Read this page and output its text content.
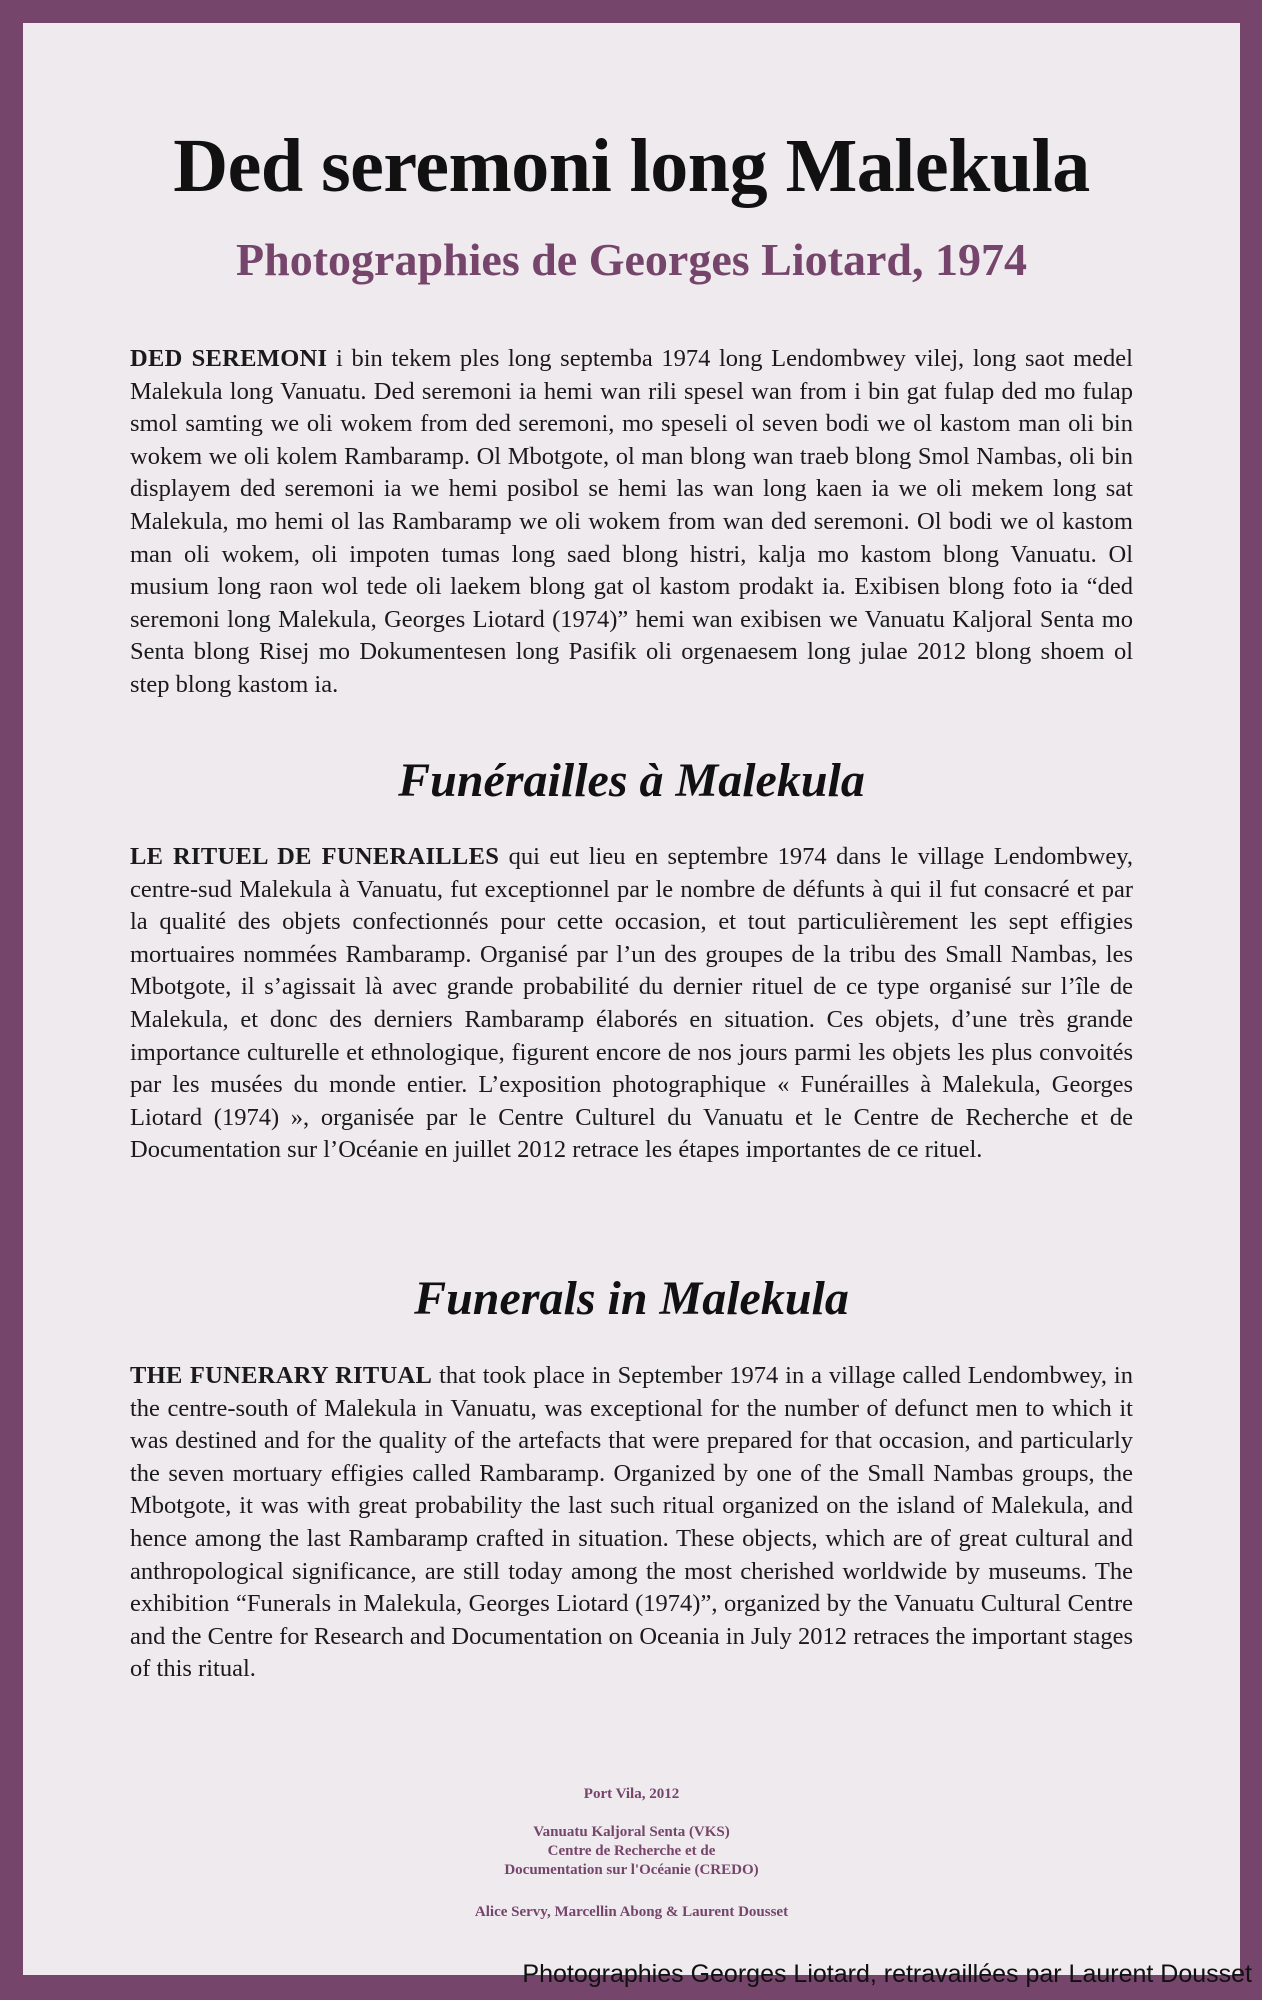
Ded seremoni long Malekula
Photographies de Georges Liotard, 1974

DED SEREMONI i bin tekem ples long septemba 1974 long Lendombwey vilej, long saot medel Malekula long Vanuatu. Ded seremoni ia hemi wan rili spesel wan from i bin gat fulap ded mo fulap smol samting we oli wokem from ded seremoni, mo speseli ol seven bodi we ol kastom man oli bin wokem we oli kolem Rambaramp. Ol Mbotgote, ol man blong wan traeb blong Smol Nambas, oli bin displayem ded seremoni ia we hemi posibol se hemi las wan long kaen ia we oli mekem long sat Malekula, mo hemi ol las Rambaramp we oli wokem from wan ded seremoni. Ol bodi we ol kastom man oli wokem, oli impoten tumas long saed blong histri, kalja mo kastom blong Vanuatu. Ol musium long raon wol tede oli laekem blong gat ol kastom prodakt ia. Exibisen blong foto ia “ded seremoni long Malekula, Georges Liotard (1974)” hemi wan exibisen we Vanuatu Kaljoral Senta mo Senta blong Risej mo Dokumentesen long Pasifik oli orgenaesem long julae 2012 blong shoem ol step blong kastom ia.

Funérailles à Malekula

LE RITUEL DE FUNERAILLES qui eut lieu en septembre 1974 dans le village Lendombwey, centre-sud Malekula à Vanuatu, fut exceptionnel par le nombre de défunts à qui il fut consacré et par la qualité des objets confectionnés pour cette occasion, et tout particulièrement les sept effigies mortuaires nommées Rambaramp. Organisé par l’un des groupes de la tribu des Small Nambas, les Mbotgote, il s’agissait là avec grande probabilité du dernier rituel de ce type organisé sur l’île de Malekula, et donc des derniers Rambaramp élaborés en situation. Ces objets, d’une très grande importance culturelle et ethnologique, figurent encore de nos jours parmi les objets les plus convoités par les musées du monde entier. L’exposition photographique « Funérailles à Malekula, Georges Liotard (1974) », organisée par le Centre Culturel du Vanuatu et le Centre de Recherche et de Documentation sur l’Océanie en juillet 2012 retrace les étapes importantes de ce rituel.

Funerals in Malekula

THE FUNERARY RITUAL that took place in September 1974 in a village called Lendombwey, in the centre-south of Malekula in Vanuatu, was exceptional for the number of defunct men to which it was destined and for the quality of the artefacts that were prepared for that occasion, and particularly the seven mortuary effigies called Rambaramp. Organized by one of the Small Nambas groups, the Mbotgote, it was with great probability the last such ritual organized on the island of Malekula, and hence among the last Rambaramp crafted in situation. These objects, which are of great cultural and anthropological significance, are still today among the most cherished worldwide by museums. The exhibition “Funerals in Malekula, Georges Liotard (1974)”, organized by the Vanuatu Cultural Centre and the Centre for Research and Documentation on Oceania in July 2012 retraces the important stages of this ritual.

Port Vila, 2012
Vanuatu Kaljoral Senta (VKS)
Centre de Recherche et de
Documentation sur l'Océanie (CREDO)
Alice Servy, Marcellin Abong & Laurent Dousset
Photographies Georges Liotard, retravaillées par Laurent Dousset
